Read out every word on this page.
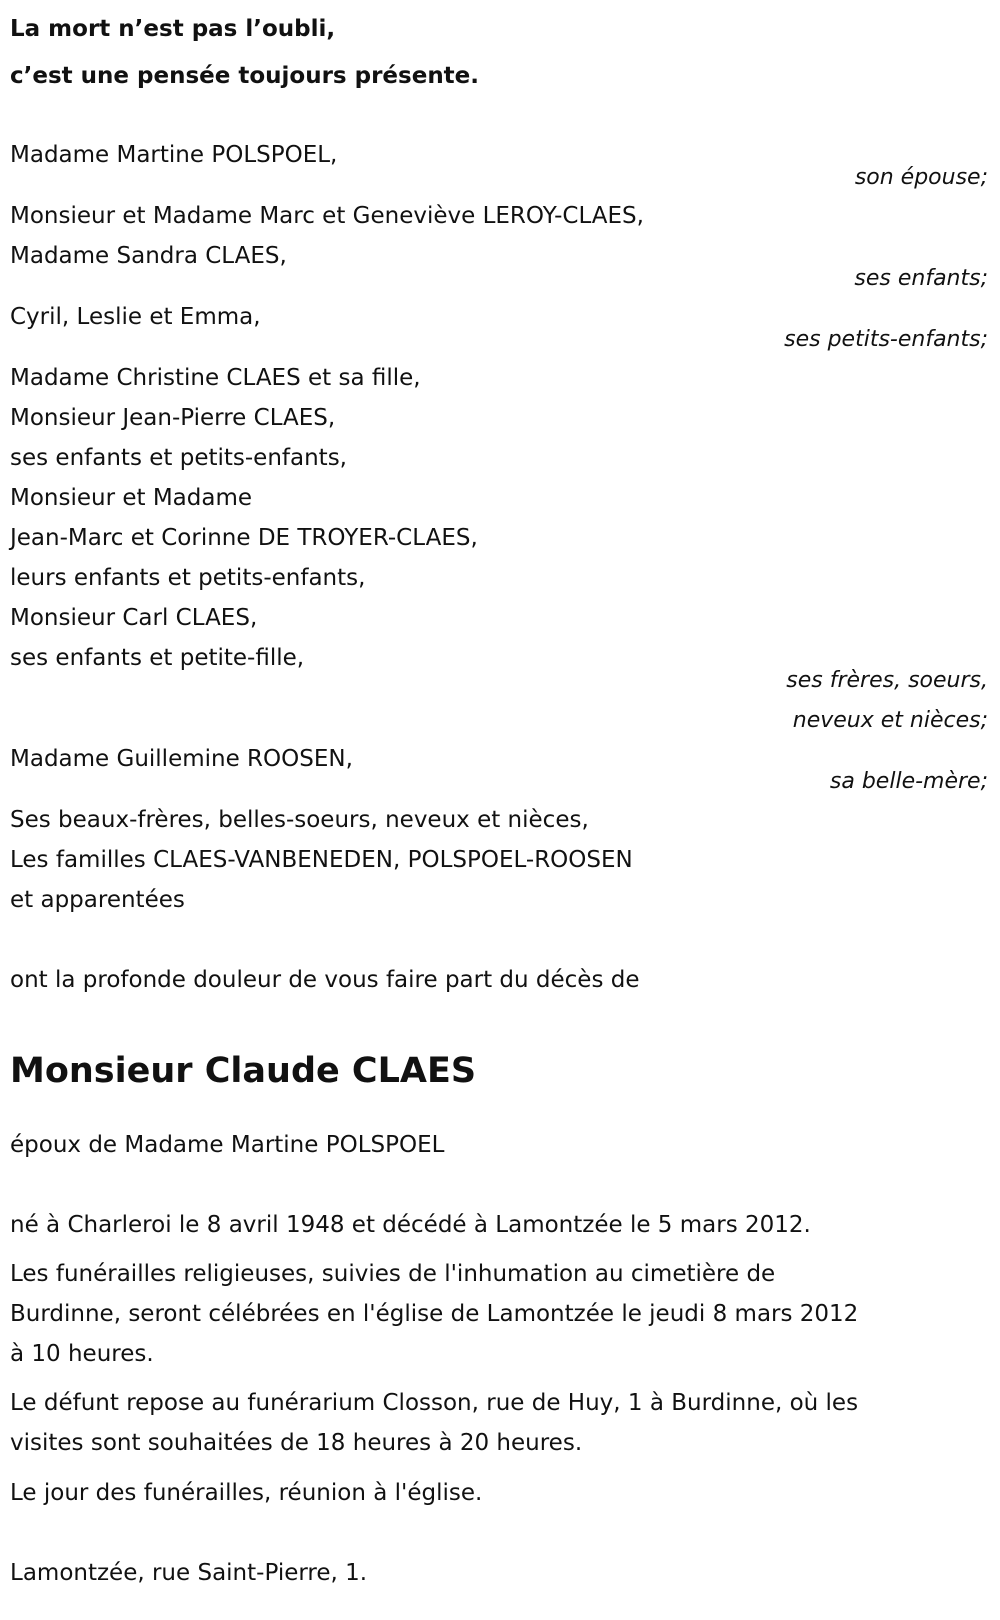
La mort n’est pas l’oubli,

c’est une pensée toujours présente.

Madame Martine POLSPOEL,

son épouse;

Monsieur et Madame Marc et Geneviève LEROY-CLAES,

Madame Sandra CLAES,

ses enfants;

Cyril, Leslie et Emma,

ses petits-enfants;

Madame Christine CLAES et sa fille,

Monsieur Jean-Pierre CLAES,

ses enfants et petits-enfants,

Monsieur et Madame

Jean-Marc et Corinne DE TROYER-CLAES,

leurs enfants et petits-enfants,

Monsieur Carl CLAES,

ses enfants et petite-fille,

ses frères, soeurs,

neveux et nièces;

Madame Guillemine ROOSEN,

sa belle-mère;

Ses beaux-frères, belles-soeurs, neveux et nièces,

Les familles CLAES-VANBENEDEN, POLSPOEL-ROOSEN

et apparentées

ont la profonde douleur de vous faire part du décès de

Monsieur Claude CLAES

époux de Madame Martine POLSPOEL

né à Charleroi le 8 avril 1948 et décédé à Lamontzée le 5 mars 2012.

Les funérailles religieuses, suivies de l'inhumation au cimetière de

Burdinne, seront célébrées en l'église de Lamontzée le jeudi 8 mars 2012

à 10 heures.

Le défunt repose au funérarium Closson, rue de Huy, 1 à Burdinne, où les

visites sont souhaitées de 18 heures à 20 heures.

Le jour des funérailles, réunion à l'église.

Lamontzée, rue Saint-Pierre, 1.
